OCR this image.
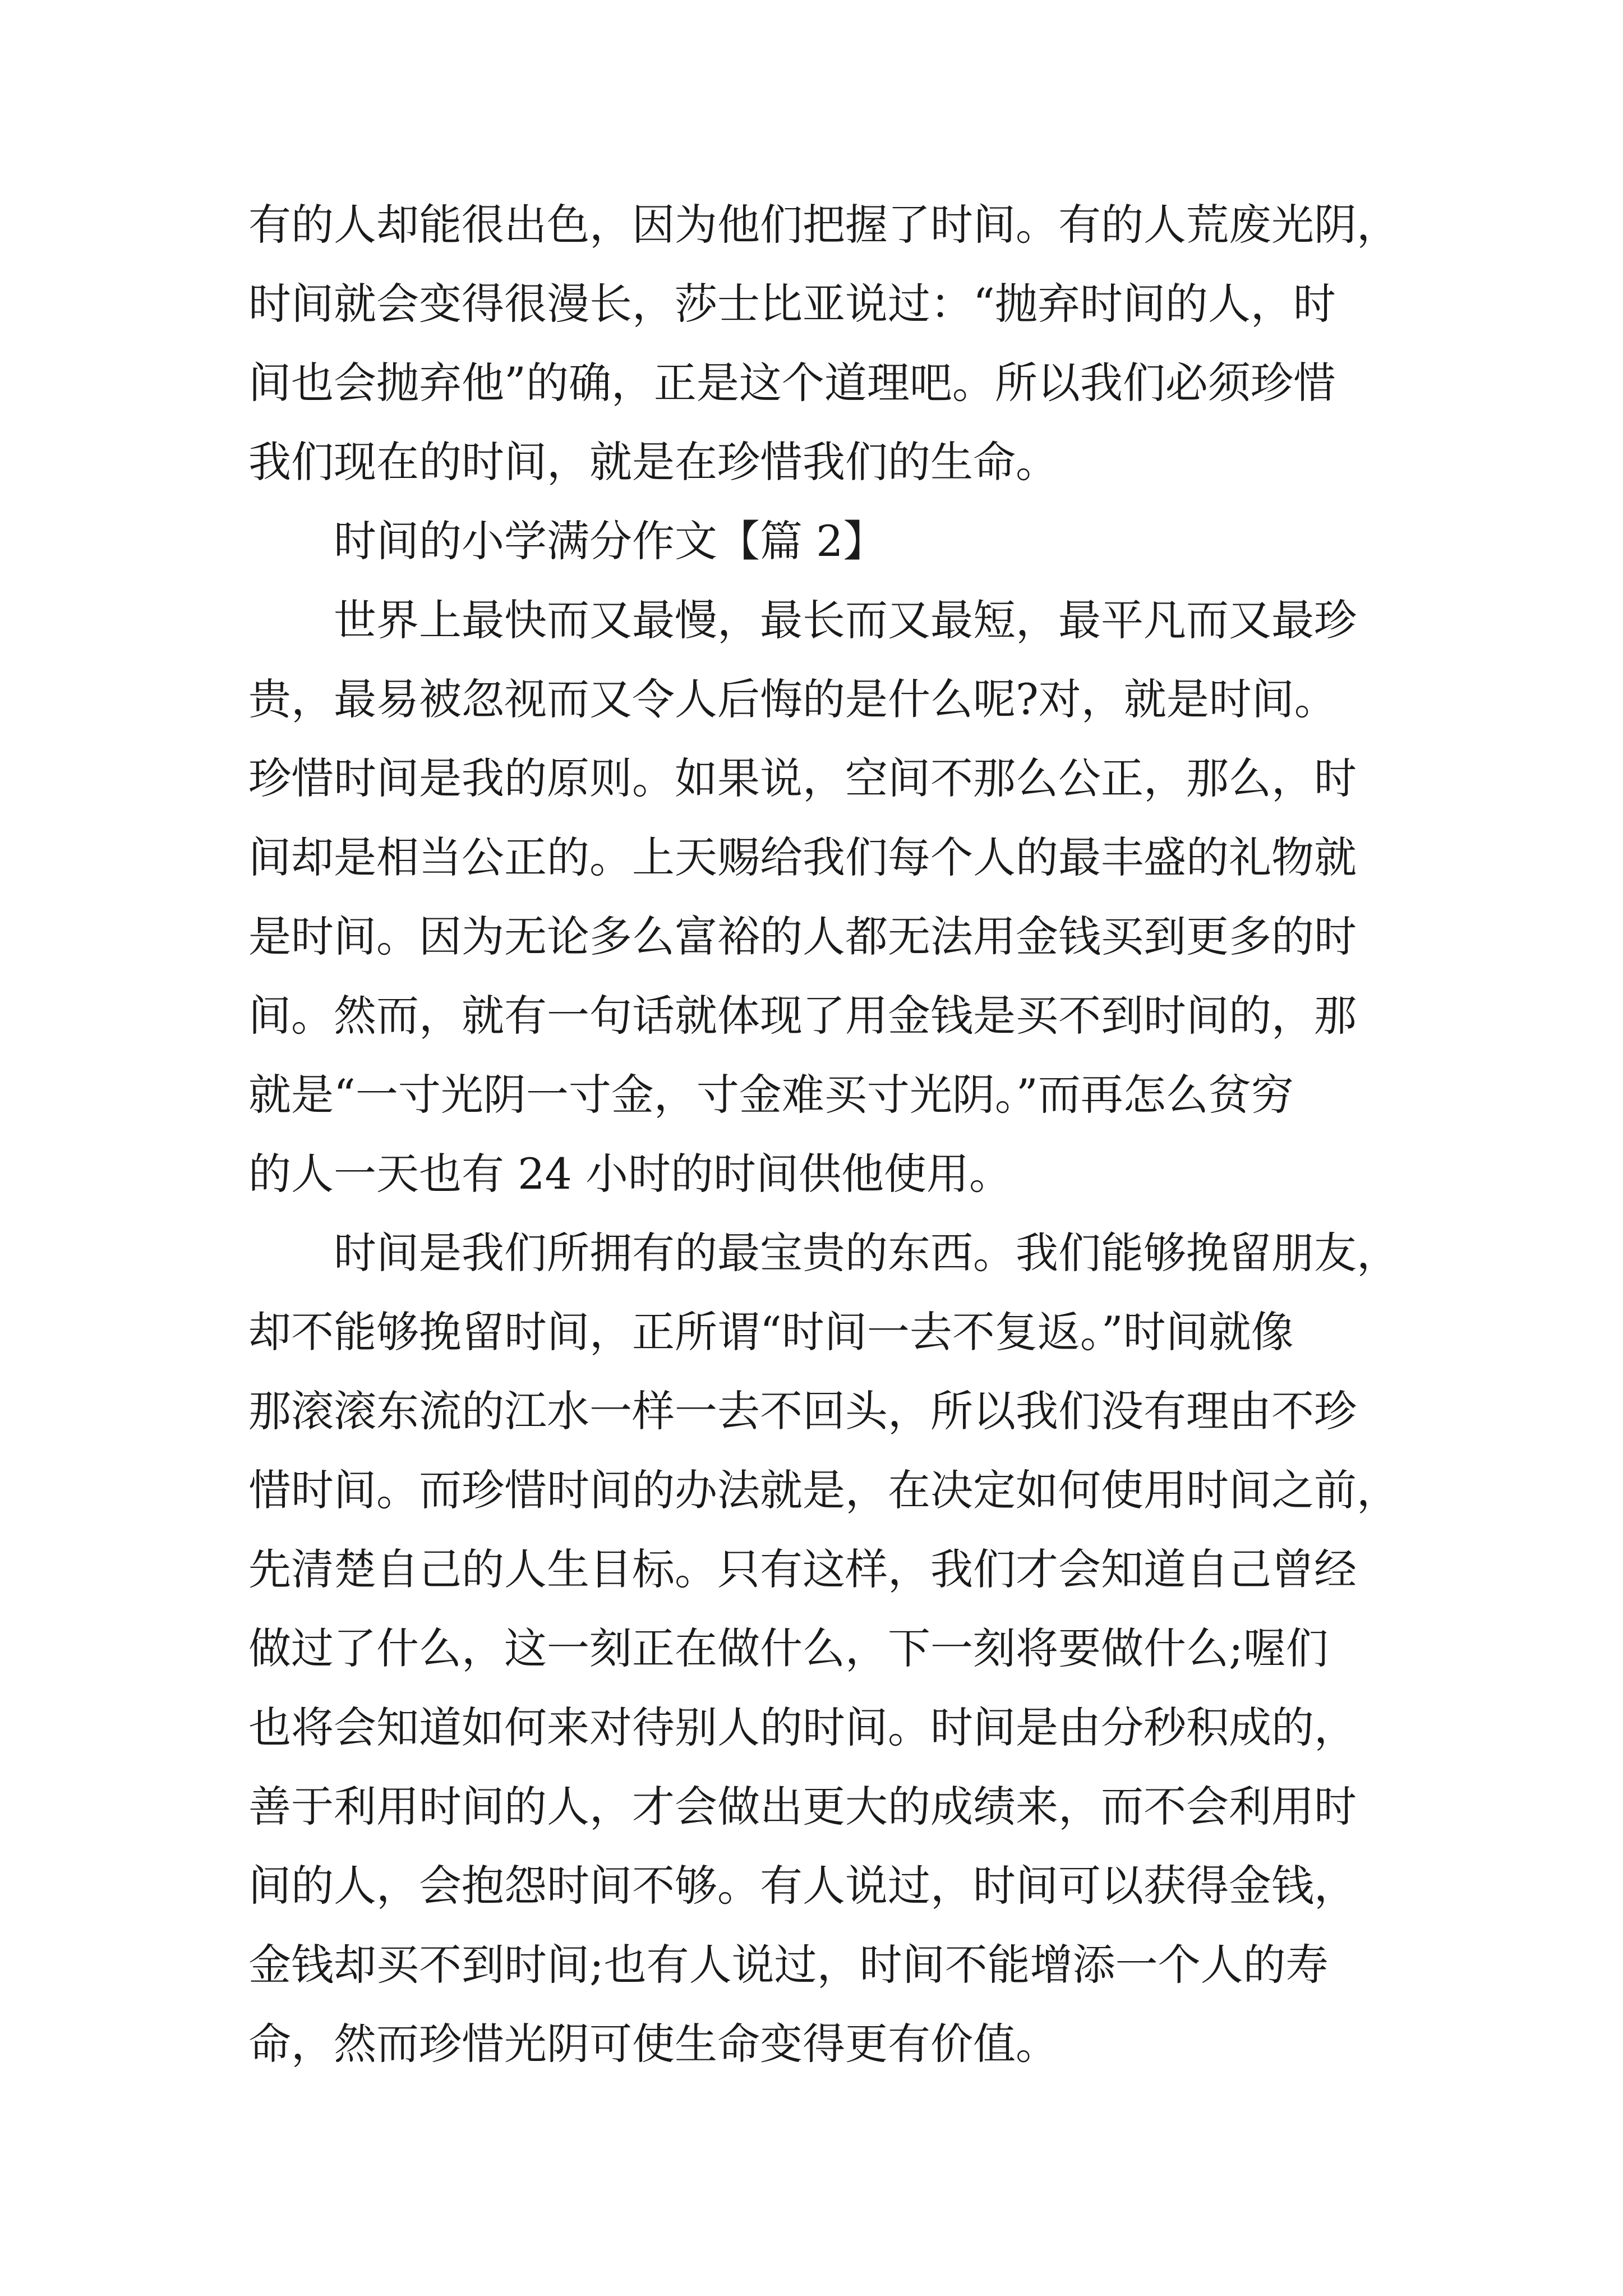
有的人却能很出色，因为他们把握了时间。有的人荒废光阴，
时间就会变得很漫长，莎士比亚说过：“抛弃时间的人，时
间也会抛弃他”的确，正是这个道理吧。所以我们必须珍惜
我们现在的时间，就是在珍惜我们的生命。
时间的小学满分作文【篇 2】
世界上最快而又最慢，最长而又最短，最平凡而又最珍
贵，最易被忽视而又令人后悔的是什么呢?对，就是时间。
珍惜时间是我的原则。如果说，空间不那么公正，那么，时
间却是相当公正的。上天赐给我们每个人的最丰盛的礼物就
是时间。因为无论多么富裕的人都无法用金钱买到更多的时
间。然而，就有一句话就体现了用金钱是买不到时间的，那
就是“一寸光阴一寸金，寸金难买寸光阴。”而再怎么贫穷
的人一天也有 24 小时的时间供他使用。
时间是我们所拥有的最宝贵的东西。我们能够挽留朋友，
却不能够挽留时间，正所谓“时间一去不复返。”时间就像
那滚滚东流的江水一样一去不回头，所以我们没有理由不珍
惜时间。而珍惜时间的办法就是，在决定如何使用时间之前，
先清楚自己的人生目标。只有这样，我们才会知道自己曾经
做过了什么，这一刻正在做什么，下一刻将要做什么;喔们
也将会知道如何来对待别人的时间。时间是由分秒积成的，
善于利用时间的人，才会做出更大的成绩来，而不会利用时
间的人，会抱怨时间不够。有人说过，时间可以获得金钱，
金钱却买不到时间;也有人说过，时间不能增添一个人的寿
命，然而珍惜光阴可使生命变得更有价值。
